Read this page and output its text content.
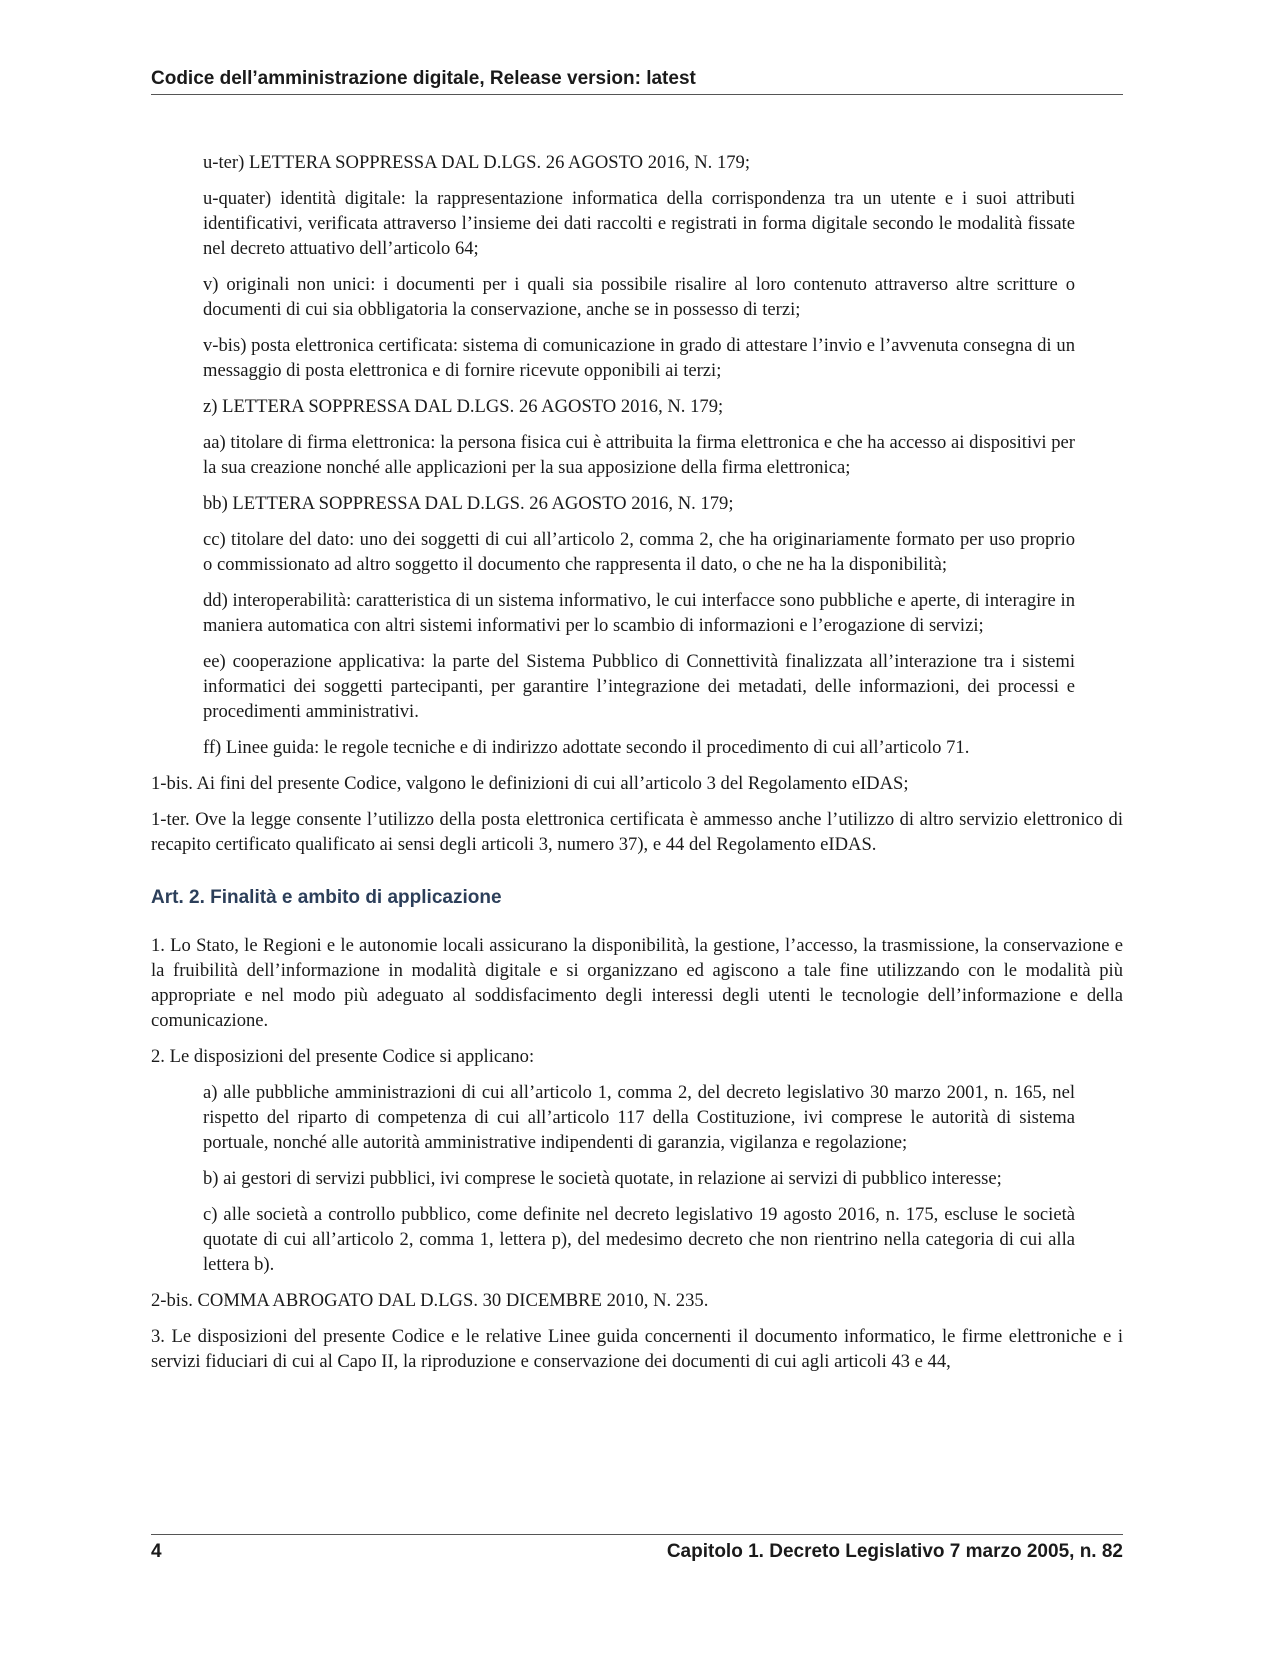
Codice dell’amministrazione digitale, Release version: latest

u-ter) LETTERA SOPPRESSA DAL D.LGS. 26 AGOSTO 2016, N. 179;

u-quater) identità digitale: la rappresentazione informatica della corrispondenza tra un utente e i suoi attributi identificativi, verificata attraverso l’insieme dei dati raccolti e registrati in forma digitale secondo le modalità fissate nel decreto attuativo dell’articolo 64;

v) originali non unici: i documenti per i quali sia possibile risalire al loro contenuto attraverso altre scritture o documenti di cui sia obbligatoria la conservazione, anche se in possesso di terzi;

v-bis) posta elettronica certificata: sistema di comunicazione in grado di attestare l’invio e l’avvenuta consegna di un messaggio di posta elettronica e di fornire ricevute opponibili ai terzi;

z) LETTERA SOPPRESSA DAL D.LGS. 26 AGOSTO 2016, N. 179;

aa) titolare di firma elettronica: la persona fisica cui è attribuita la firma elettronica e che ha accesso ai dispositivi per la sua creazione nonché alle applicazioni per la sua apposizione della firma elettronica;

bb) LETTERA SOPPRESSA DAL D.LGS. 26 AGOSTO 2016, N. 179;

cc) titolare del dato: uno dei soggetti di cui all’articolo 2, comma 2, che ha originariamente formato per uso proprio o commissionato ad altro soggetto il documento che rappresenta il dato, o che ne ha la disponibilità;

dd) interoperabilità: caratteristica di un sistema informativo, le cui interfacce sono pubbliche e aperte, di interagire in maniera automatica con altri sistemi informativi per lo scambio di informazioni e l’erogazione di servizi;

ee) cooperazione applicativa: la parte del Sistema Pubblico di Connettività finalizzata all’interazione tra i sistemi informatici dei soggetti partecipanti, per garantire l’integrazione dei metadati, delle informazioni, dei processi e procedimenti amministrativi.

ff) Linee guida: le regole tecniche e di indirizzo adottate secondo il procedimento di cui all’articolo 71.

1-bis. Ai fini del presente Codice, valgono le definizioni di cui all’articolo 3 del Regolamento eIDAS;

1-ter. Ove la legge consente l’utilizzo della posta elettronica certificata è ammesso anche l’utilizzo di altro servizio elettronico di recapito certificato qualificato ai sensi degli articoli 3, numero 37), e 44 del Regolamento eIDAS.

Art. 2. Finalità e ambito di applicazione

1. Lo Stato, le Regioni e le autonomie locali assicurano la disponibilità, la gestione, l’accesso, la trasmissione, la conservazione e la fruibilità dell’informazione in modalità digitale e si organizzano ed agiscono a tale fine utilizzando con le modalità più appropriate e nel modo più adeguato al soddisfacimento degli interessi degli utenti le tecnologie dell’informazione e della comunicazione.

2. Le disposizioni del presente Codice si applicano:

a) alle pubbliche amministrazioni di cui all’articolo 1, comma 2, del decreto legislativo 30 marzo 2001, n. 165, nel rispetto del riparto di competenza di cui all’articolo 117 della Costituzione, ivi comprese le autorità di sistema portuale, nonché alle autorità amministrative indipendenti di garanzia, vigilanza e regolazione;

b) ai gestori di servizi pubblici, ivi comprese le società quotate, in relazione ai servizi di pubblico interesse;

c) alle società a controllo pubblico, come definite nel decreto legislativo 19 agosto 2016, n. 175, escluse le società quotate di cui all’articolo 2, comma 1, lettera p), del medesimo decreto che non rientrino nella categoria di cui alla lettera b).

2-bis. COMMA ABROGATO DAL D.LGS. 30 DICEMBRE 2010, N. 235.

3. Le disposizioni del presente Codice e le relative Linee guida concernenti il documento informatico, le firme elettroniche e i servizi fiduciari di cui al Capo II, la riproduzione e conservazione dei documenti di cui agli articoli 43 e 44,

4	Capitolo 1. Decreto Legislativo 7 marzo 2005, n. 82
